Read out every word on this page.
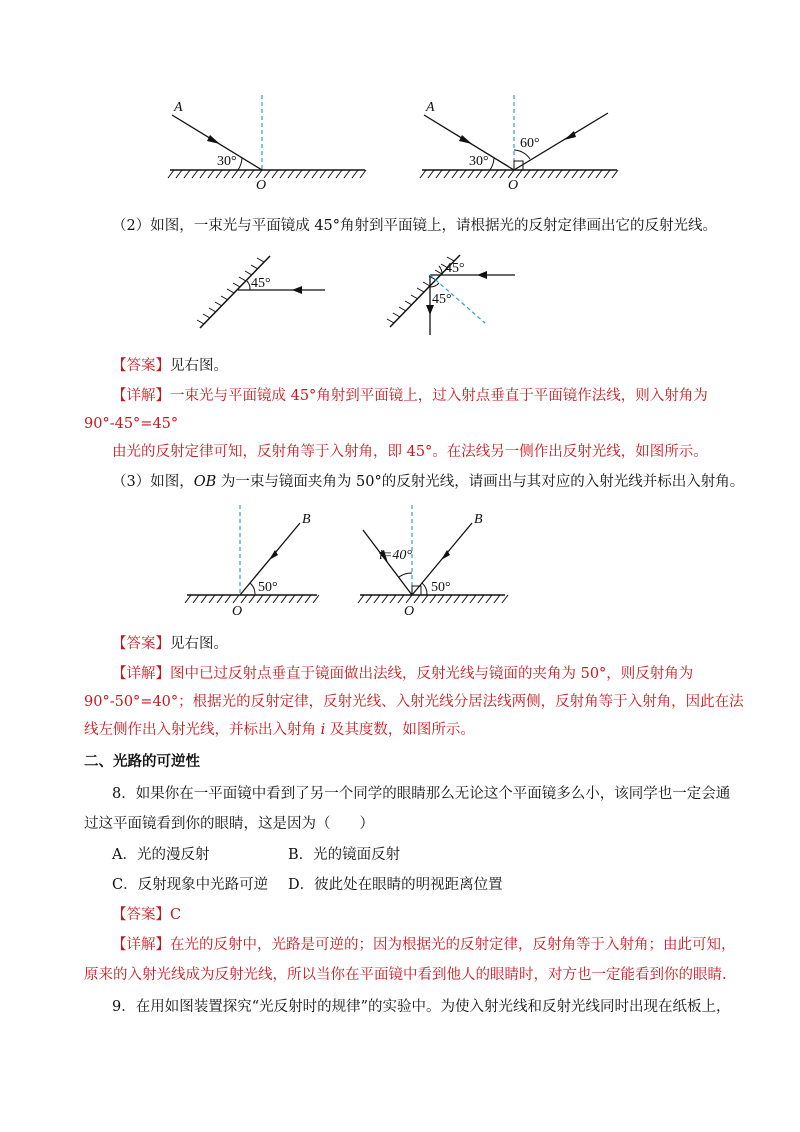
A
30°
O
A
30°
60°
O
（2）如图，一束光与平面镜成 45°角射到平面镜上，请根据光的反射定律画出它的反射光线。
45°
45°
45°
【答案】见右图。
【详解】一束光与平面镜成 45°角射到平面镜上，过入射点垂直于平面镜作法线，则入射角为
90°-45°=45°
由光的反射定律可知，反射角等于入射角，即 45°。在法线另一侧作出反射光线，如图所示。
（3）如图，OB 为一束与镜面夹角为 50°的反射光线，请画出与其对应的入射光线并标出入射角。
B
50°
O
B
i=40°
50°
O
【答案】见右图。
【详解】图中已过反射点垂直于镜面做出法线，反射光线与镜面的夹角为 50°，则反射角为
90°-50°=40°；根据光的反射定律，反射光线、入射光线分居法线两侧，反射角等于入射角，因此在法
线左侧作出入射光线，并标出入射角 i 及其度数，如图所示。
二、光路的可逆性
8．如果你在一平面镜中看到了另一个同学的眼睛那么无论这个平面镜多么小，该同学也一定会通
过这平面镜看到你的眼睛，这是因为（　　）
A．光的漫反射	B．光的镜面反射
C．反射现象中光路可逆 D．彼此处在眼睛的明视距离位置
【答案】C
【详解】在光的反射中，光路是可逆的；因为根据光的反射定律，反射角等于入射角；由此可知，
原来的入射光线成为反射光线，所以当你在平面镜中看到他人的眼睛时，对方也一定能看到你的眼睛.
9．在用如图装置探究“光反射时的规律”的实验中。为使入射光线和反射光线同时出现在纸板上，
